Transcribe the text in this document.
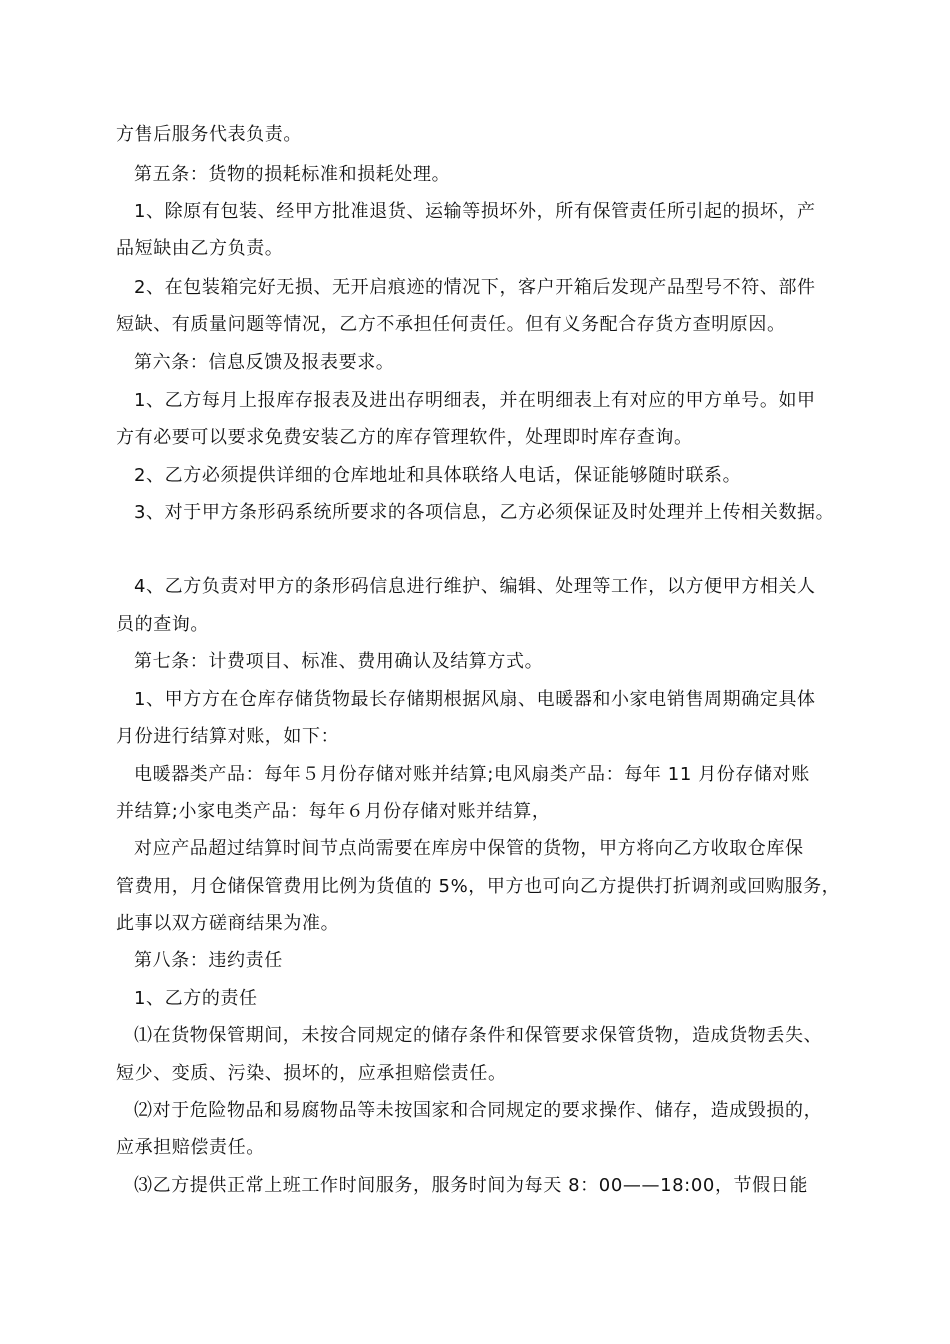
方售后服务代表负责。
第五条：货物的损耗标准和损耗处理。
1、除原有包装、经甲方批准退货、运输等损坏外，所有保管责任所引起的损坏，产
品短缺由乙方负责。
2、在包装箱完好无损、无开启痕迹的情况下，客户开箱后发现产品型号不符、部件
短缺、有质量问题等情况，乙方不承担任何责任。但有义务配合存货方查明原因。
第六条：信息反馈及报表要求。
1、乙方每月上报库存报表及进出存明细表，并在明细表上有对应的甲方单号。如甲
方有必要可以要求免费安装乙方的库存管理软件，处理即时库存查询。
2、乙方必须提供详细的仓库地址和具体联络人电话，保证能够随时联系。
3、对于甲方条形码系统所要求的各项信息，乙方必须保证及时处理并上传相关数据。
4、乙方负责对甲方的条形码信息进行维护、编辑、处理等工作，以方便甲方相关人
员的查询。
第七条：计费项目、标准、费用确认及结算方式。
1、甲方方在仓库存储货物最长存储期根据风扇、电暖器和小家电销售周期确定具体
月份进行结算对账，如下：
电暖器类产品：每年５月份存储对账并结算;电风扇类产品：每年 11 月份存储对账
并结算;小家电类产品：每年６月份存储对账并结算，
对应产品超过结算时间节点尚需要在库房中保管的货物，甲方将向乙方收取仓库保
管费用，月仓储保管费用比例为货值的 5%，甲方也可向乙方提供打折调剂或回购服务，
此事以双方磋商结果为准。
第八条：违约责任
1、乙方的责任
⑴在货物保管期间，未按合同规定的储存条件和保管要求保管货物，造成货物丢失、
短少、变质、污染、损坏的，应承担赔偿责任。
⑵对于危险物品和易腐物品等未按国家和合同规定的要求操作、储存，造成毁损的，
应承担赔偿责任。
⑶乙方提供正常上班工作时间服务，服务时间为每天 8：00——18:00，节假日能
